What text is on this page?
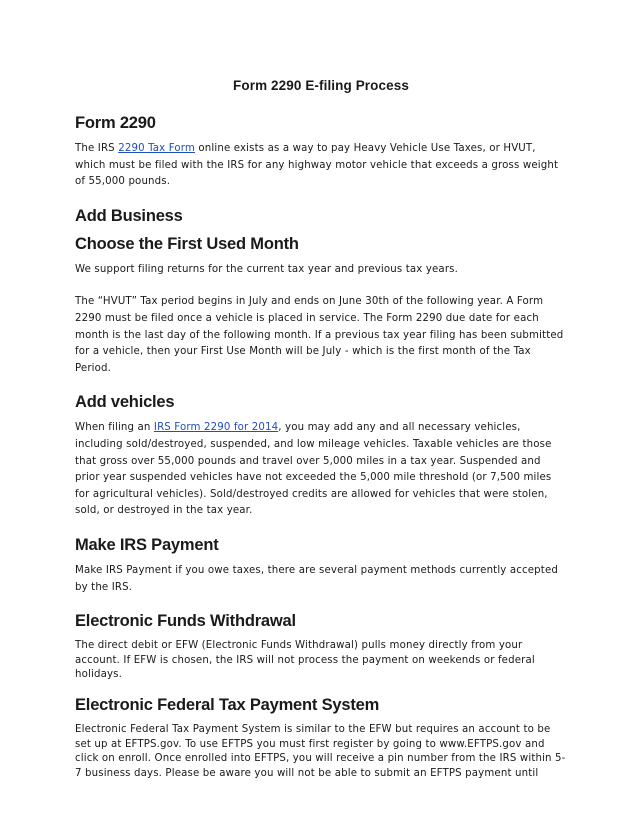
Form 2290 E-filing Process
Form 2290

The IRS 2290 Tax Form online exists as a way to pay Heavy Vehicle Use Taxes, or HVUT, which must be filed with the IRS for any highway motor vehicle that exceeds a gross weight of 55,000 pounds.

Add Business
Choose the First Used Month

We support filing returns for the current tax year and previous tax years.

The “HVUT” Tax period begins in July and ends on June 30th of the following year. A Form 2290 must be filed once a vehicle is placed in service. The Form 2290 due date for each month is the last day of the following month. If a previous tax year filing has been submitted for a vehicle, then your First Use Month will be July - which is the first month of the Tax Period.

Add vehicles

When filing an IRS Form 2290 for 2014, you may add any and all necessary vehicles, including sold/destroyed, suspended, and low mileage vehicles. Taxable vehicles are those that gross over 55,000 pounds and travel over 5,000 miles in a tax year. Suspended and prior year suspended vehicles have not exceeded the 5,000 mile threshold (or 7,500 miles for agricultural vehicles). Sold/destroyed credits are allowed for vehicles that were stolen, sold, or destroyed in the tax year.

Make IRS Payment

Make IRS Payment if you owe taxes, there are several payment methods currently accepted by the IRS.

Electronic Funds Withdrawal

The direct debit or EFW (Electronic Funds Withdrawal) pulls money directly from your account. If EFW is chosen, the IRS will not process the payment on weekends or federal holidays.

Electronic Federal Tax Payment System

Electronic Federal Tax Payment System is similar to the EFW but requires an account to be set up at EFTPS.gov. To use EFTPS you must first register by going to www.EFTPS.gov and click on enroll. Once enrolled into EFTPS, you will receive a pin number from the IRS within 5-7 business days. Please be aware you will not be able to submit an EFTPS payment until
